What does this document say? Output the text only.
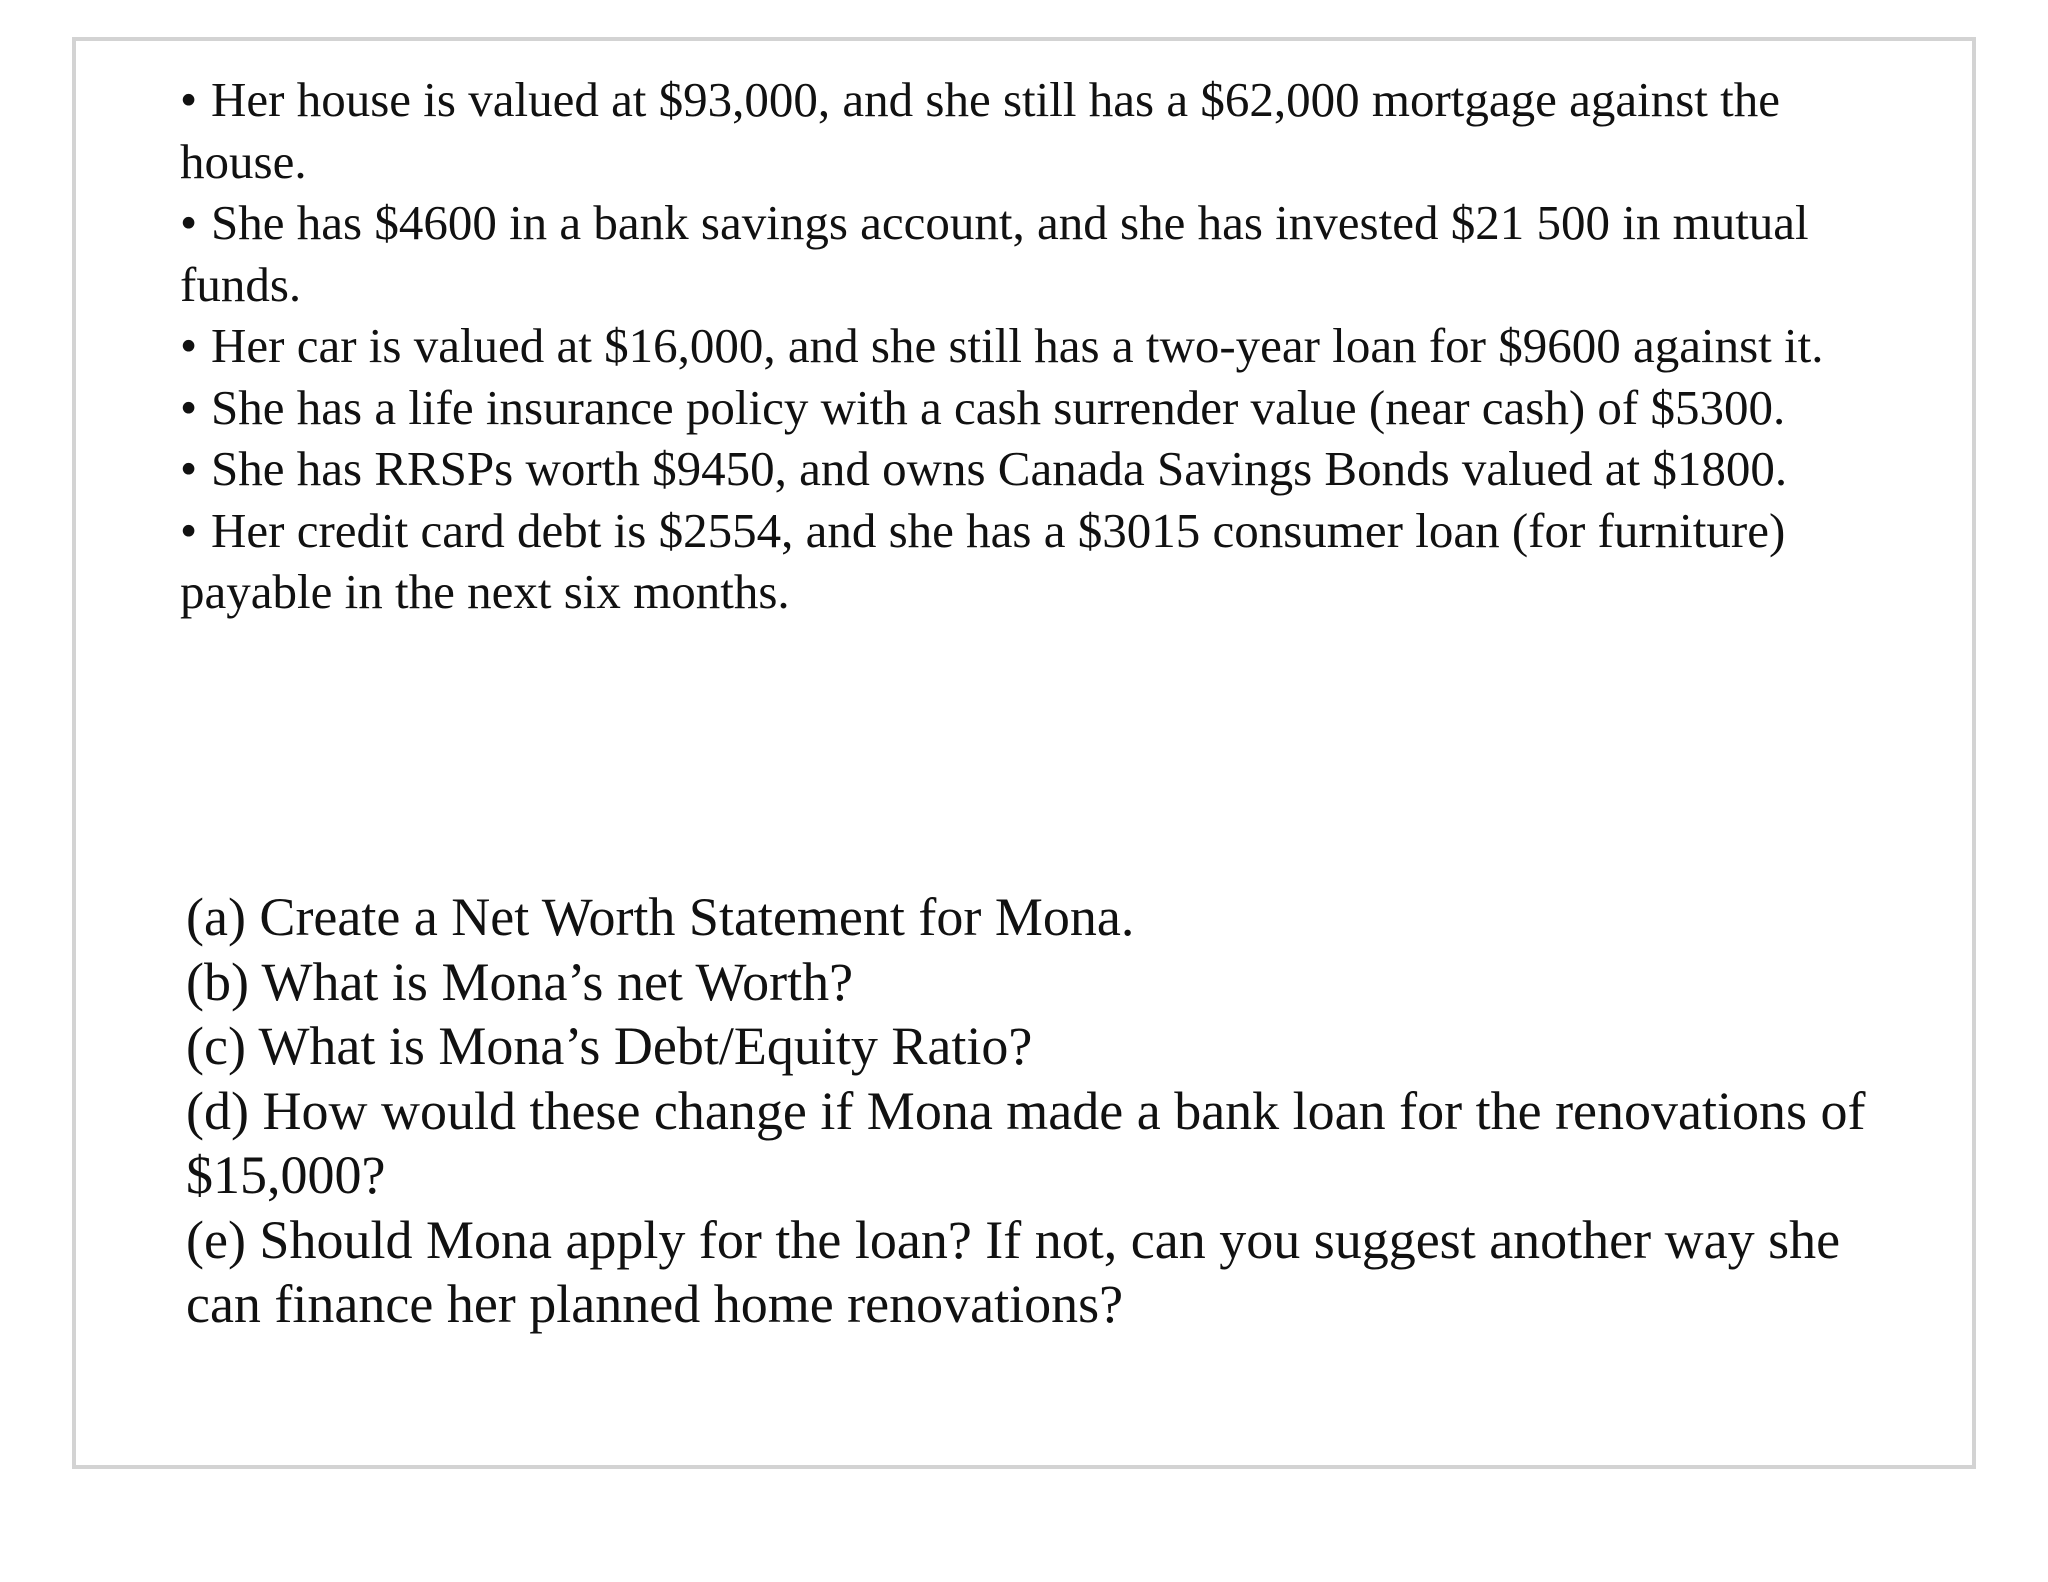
• Her house is valued at $93,000, and she still has a $62,000 mortgage against the house.
• She has $4600 in a bank savings account, and she has invested $21 500 in mutual funds.
• Her car is valued at $16,000, and she still has a two-year loan for $9600 against it.
• She has a life insurance policy with a cash surrender value (near cash) of $5300.
• She has RRSPs worth $9450, and owns Canada Savings Bonds valued at $1800.
• Her credit card debt is $2554, and she has a $3015 consumer loan (for furniture) payable in the next six months.
(a) Create a Net Worth Statement for Mona.
(b) What is Mona’s net Worth?
(c) What is Mona’s Debt/Equity Ratio?
(d) How would these change if Mona made a bank loan for the renovations of $15,000?
(e) Should Mona apply for the loan? If not, can you suggest another way she can finance her planned home renovations?
